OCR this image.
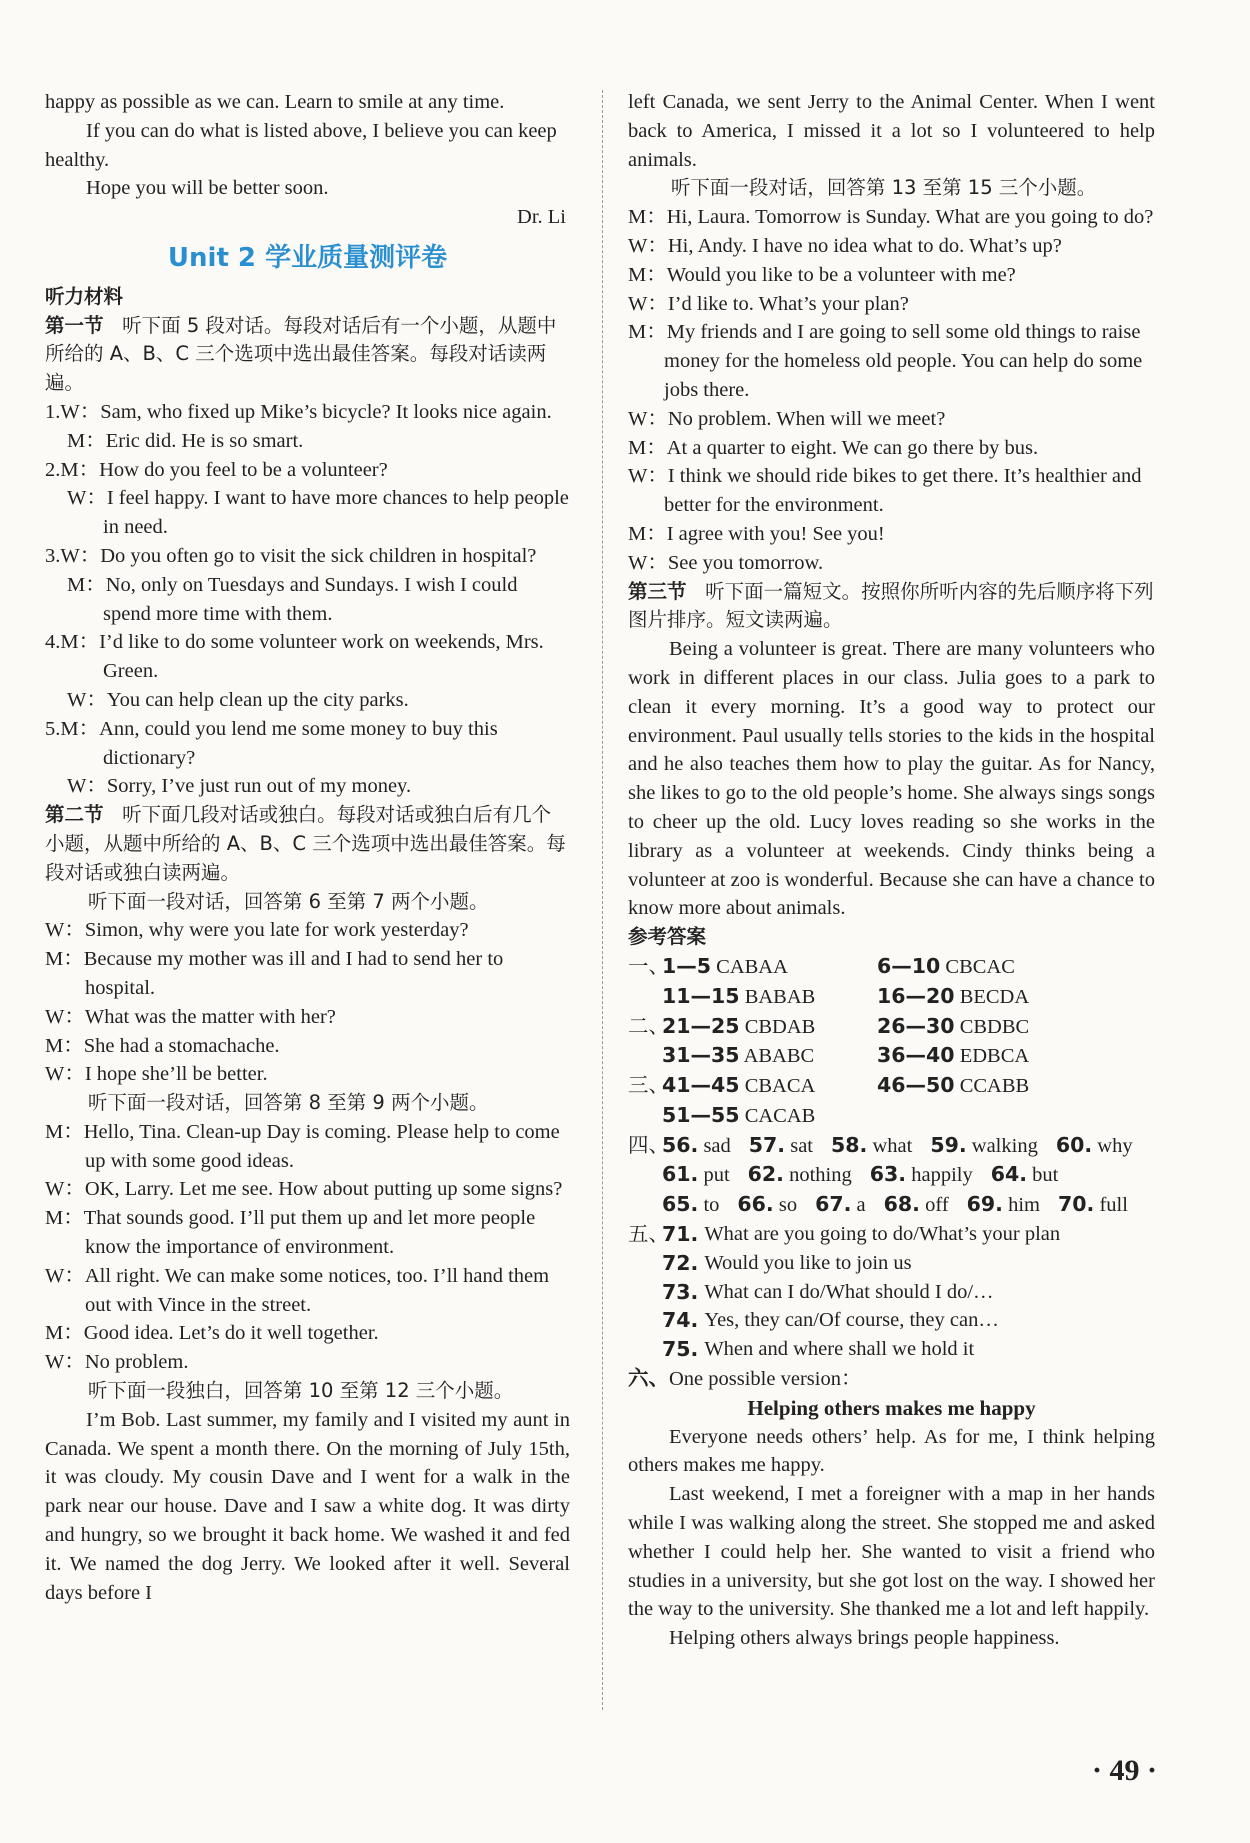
happy as possible as we can. Learn to smile at any time.

If you can do what is listed above, I believe you can keep healthy.

Hope you will be better soon.

Dr. Li

Unit 2 学业质量测评卷

听力材料

第一节 听下面 5 段对话。每段对话后有一个小题，从题中所给的 A、B、C 三个选项中选出最佳答案。每段对话读两遍。

1.W：Sam, who fixed up Mike’s bicycle? It looks nice again.

M：Eric did. He is so smart.

2.M：How do you feel to be a volunteer?

W：I feel happy. I want to have more chances to help people in need.

3.W：Do you often go to visit the sick children in hospital?

M：No, only on Tuesdays and Sundays. I wish I could spend more time with them.

4.M：I’d like to do some volunteer work on weekends, Mrs. Green.

W：You can help clean up the city parks.

5.M：Ann, could you lend me some money to buy this dictionary?

W：Sorry, I’ve just run out of my money.

第二节 听下面几段对话或独白。每段对话或独白后有几个小题，从题中所给的 A、B、C 三个选项中选出最佳答案。每段对话或独白读两遍。

听下面一段对话，回答第 6 至第 7 两个小题。

W：Simon, why were you late for work yesterday?

M：Because my mother was ill and I had to send her to hospital.

W：What was the matter with her?

M：She had a stomachache.

W：I hope she’ll be better.

听下面一段对话，回答第 8 至第 9 两个小题。

M：Hello, Tina. Clean-up Day is coming. Please help to come up with some good ideas.

W：OK, Larry. Let me see. How about putting up some signs?

M：That sounds good. I’ll put them up and let more people know the importance of environment.

W：All right. We can make some notices, too. I’ll hand them out with Vince in the street.

M：Good idea. Let’s do it well together.

W：No problem.

听下面一段独白，回答第 10 至第 12 三个小题。

I’m Bob. Last summer, my family and I visited my aunt in Canada. We spent a month there. On the morning of July 15th, it was cloudy. My cousin Dave and I went for a walk in the park near our house. Dave and I saw a white dog. It was dirty and hungry, so we brought it back home. We washed it and fed it. We named the dog Jerry. We looked after it well. Several days before I

left Canada, we sent Jerry to the Animal Center. When I went back to America, I missed it a lot so I volunteered to help animals.

听下面一段对话，回答第 13 至第 15 三个小题。

M：Hi, Laura. Tomorrow is Sunday. What are you going to do?

W：Hi, Andy. I have no idea what to do. What’s up?

M：Would you like to be a volunteer with me?

W：I’d like to. What’s your plan?

M：My friends and I are going to sell some old things to raise money for the homeless old people. You can help do some jobs there.

W：No problem. When will we meet?

M：At a quarter to eight. We can go there by bus.

W：I think we should ride bikes to get there. It’s healthier and better for the environment.

M：I agree with you! See you!

W：See you tomorrow.

第三节 听下面一篇短文。按照你所听内容的先后顺序将下列图片排序。短文读两遍。

Being a volunteer is great. There are many volunteers who work in different places in our class. Julia goes to a park to clean it every morning. It’s a good way to protect our environment. Paul usually tells stories to the kids in the hospital and he also teaches them how to play the guitar. As for Nancy, she likes to go to the old people’s home. She always sings songs to cheer up the old. Lucy loves reading so she works in the library as a volunteer at weekends. Cindy thinks being a volunteer at zoo is wonderful. Because she can have a chance to know more about animals.

参考答案

一、
1—5 CABAA	6—10 CBCAC
11—15 BABAB	16—20 BECDA
二、
21—25 CBDAB	26—30 CBDBC
31—35 ABABC	36—40 EDBCA
三、
41—45 CBACA	46—50 CCABB
51—55 CACAB
四、
56. sad 57. sat 58. what 59. walking 60. why
61. put 62. nothing 63. happily 64. but
65. to 66. so 67. a 68. off 69. him 70. full
五、
71. What are you going to do/What’s your plan
72. Would you like to join us
73. What can I do/What should I do/…
74. Yes, they can/Of course, they can…
75. When and where shall we hold it

六、One possible version：

Helping others makes me happy

Everyone needs others’ help. As for me, I think helping others makes me happy.

Last weekend, I met a foreigner with a map in her hands while I was walking along the street. She stopped me and asked whether I could help her. She wanted to visit a friend who studies in a university, but she got lost on the way. I showed her the way to the university. She thanked me a lot and left happily.

Helping others always brings people happiness.

· 49 ·
